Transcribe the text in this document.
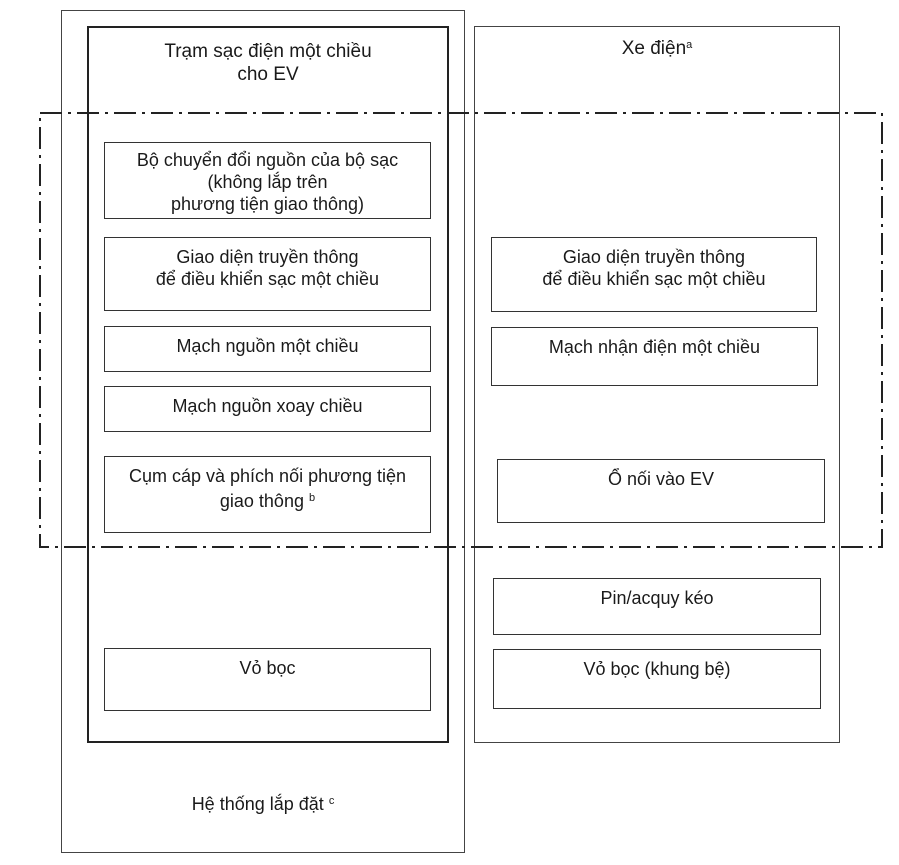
Trạm sạc điện một chiều
cho EV
Xe điện$^a$
Bộ chuyển đổi nguồn của bộ sạc
(không lắp trên
phương tiện giao thông)
Giao diện truyền thông
để điều khiển sạc một chiều
Mạch nguồn một chiều
Mạch nguồn xoay chiều
Cụm cáp và phích nối phương tiện
giao thông $^b$
Vỏ bọc
Giao diện truyền thông
để điều khiển sạc một chiều
Mạch nhận điện một chiều
Ổ nối vào EV
Pin/acquy kéo
Vỏ bọc (khung bệ)
Hệ thống lắp đặt $^c$
